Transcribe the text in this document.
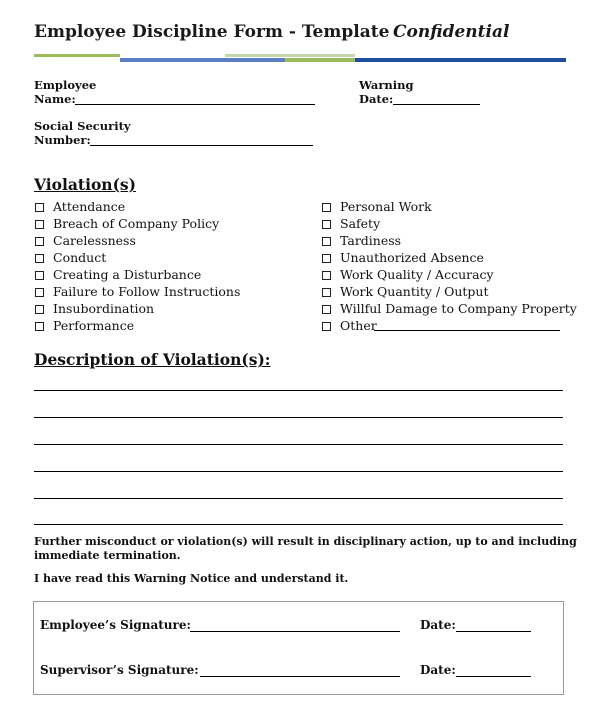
Employee Discipline Form - Template Confidential
Employee
Name:
Warning
Date:
Social Security
Number:
Violation(s)
Attendance
Breach of Company Policy
Carelessness
Conduct
Creating a Disturbance
Failure to Follow Instructions
Insubordination
Performance
Personal Work
Safety
Tardiness
Unauthorized Absence
Work Quality / Accuracy
Work Quantity / Output
Willful Damage to Company Property
Other
Description of Violation(s):
Further misconduct or violation(s) will result in disciplinary action, up to and including
immediate termination.
I have read this Warning Notice and understand it.
Employee’s Signature:	Date:
Supervisor’s Signature:	Date:
